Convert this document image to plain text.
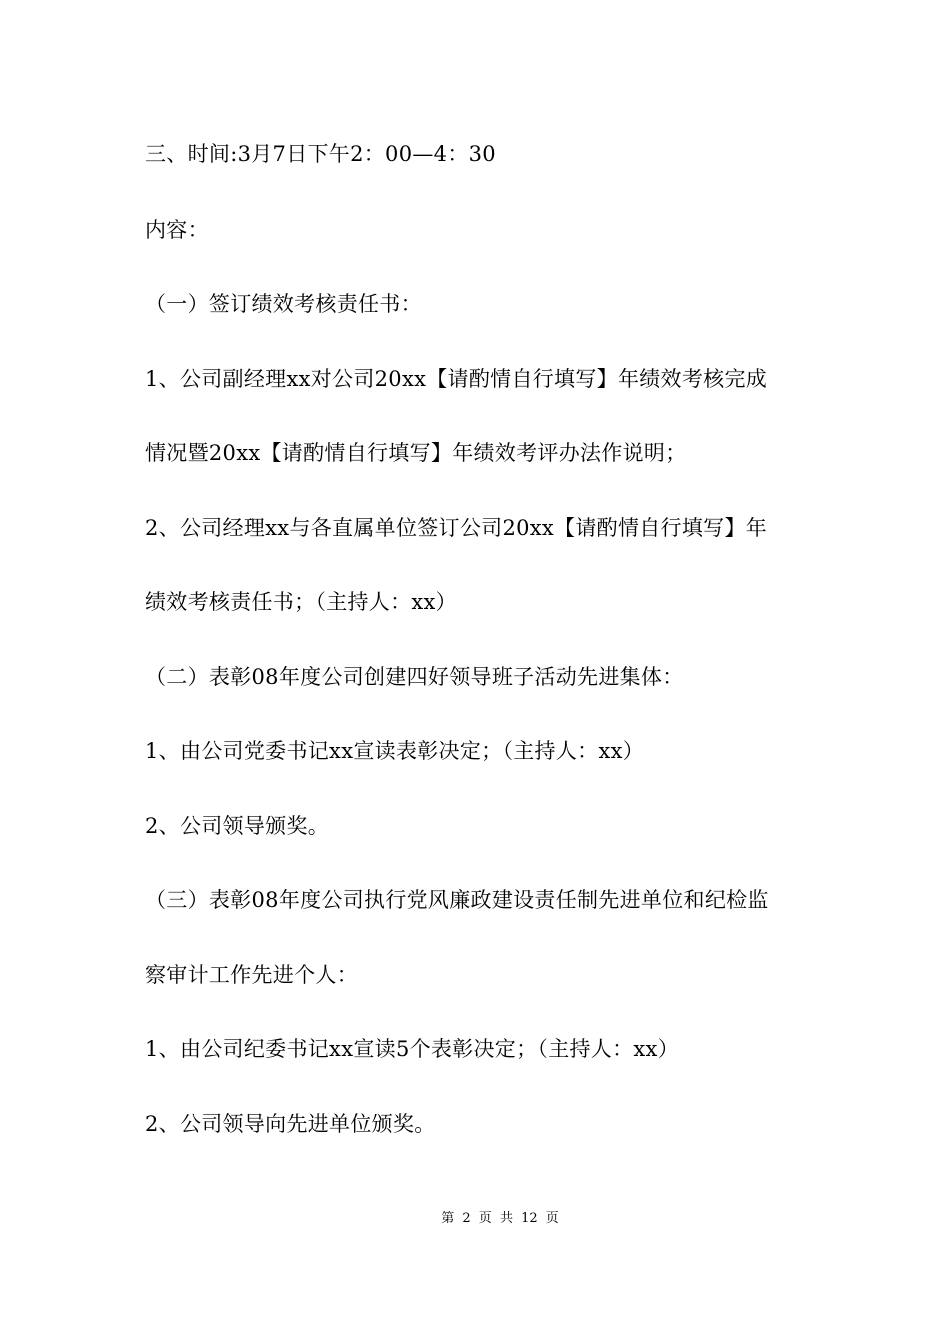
三、时间:3月7日下午2：00—4：30
内容：
（一）签订绩效考核责任书：
1、公司副经理xx对公司20xx【请酌情自行填写】年绩效考核完成
情况暨20xx【请酌情自行填写】年绩效考评办法作说明；
2、公司经理xx与各直属单位签订公司20xx【请酌情自行填写】年
绩效考核责任书；（主持人：xx）
（二）表彰08年度公司创建四好领导班子活动先进集体：
1、由公司党委书记xx宣读表彰决定；（主持人：xx）
2、公司领导颁奖。
（三）表彰08年度公司执行党风廉政建设责任制先进单位和纪检监
察审计工作先进个人：
1、由公司纪委书记xx宣读5个表彰决定；（主持人：xx）
2、公司领导向先进单位颁奖。
第 2 页 共 12 页
